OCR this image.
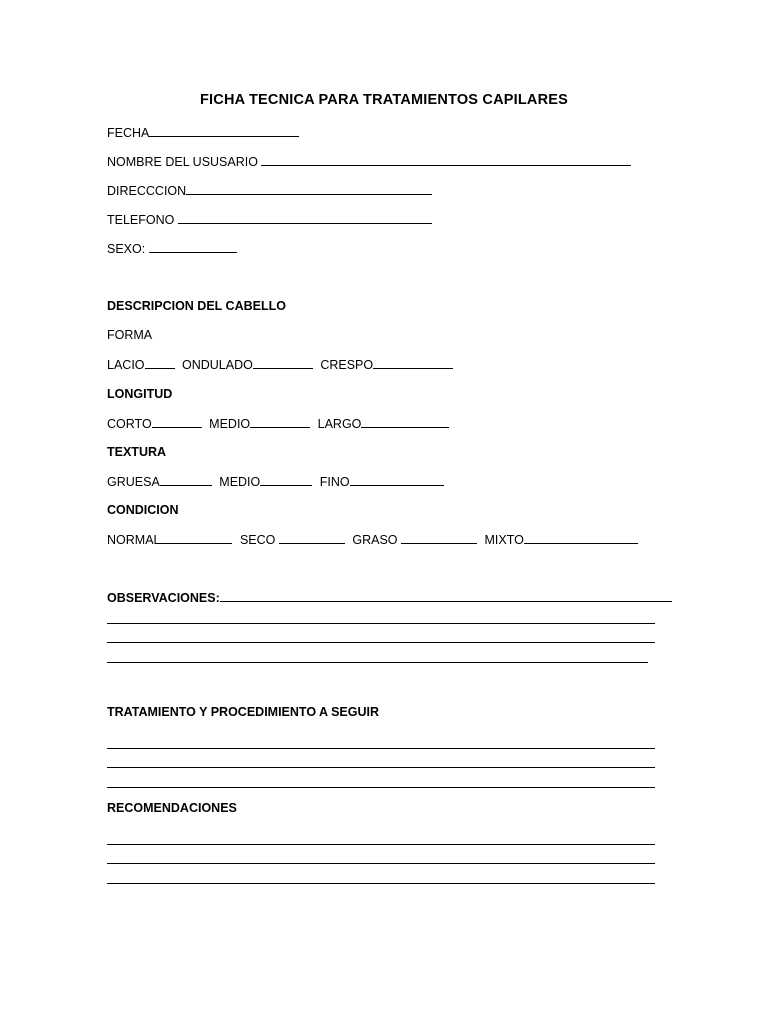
FICHA TECNICA PARA TRATAMIENTOS CAPILARES
FECHA
NOMBRE DEL USUSARIO
DIRECCCION
TELEFONO
SEXO:
DESCRIPCION DEL CABELLO
FORMA
LACIO	ONDULADO	CRESPO
LONGITUD
CORTO	MEDIO	LARGO
TEXTURA
GRUESA	MEDIO	FINO
CONDICION
NORMAL	SECO	GRASO	MIXTO
OBSERVACIONES:
TRATAMIENTO Y PROCEDIMIENTO A SEGUIR
RECOMENDACIONES
